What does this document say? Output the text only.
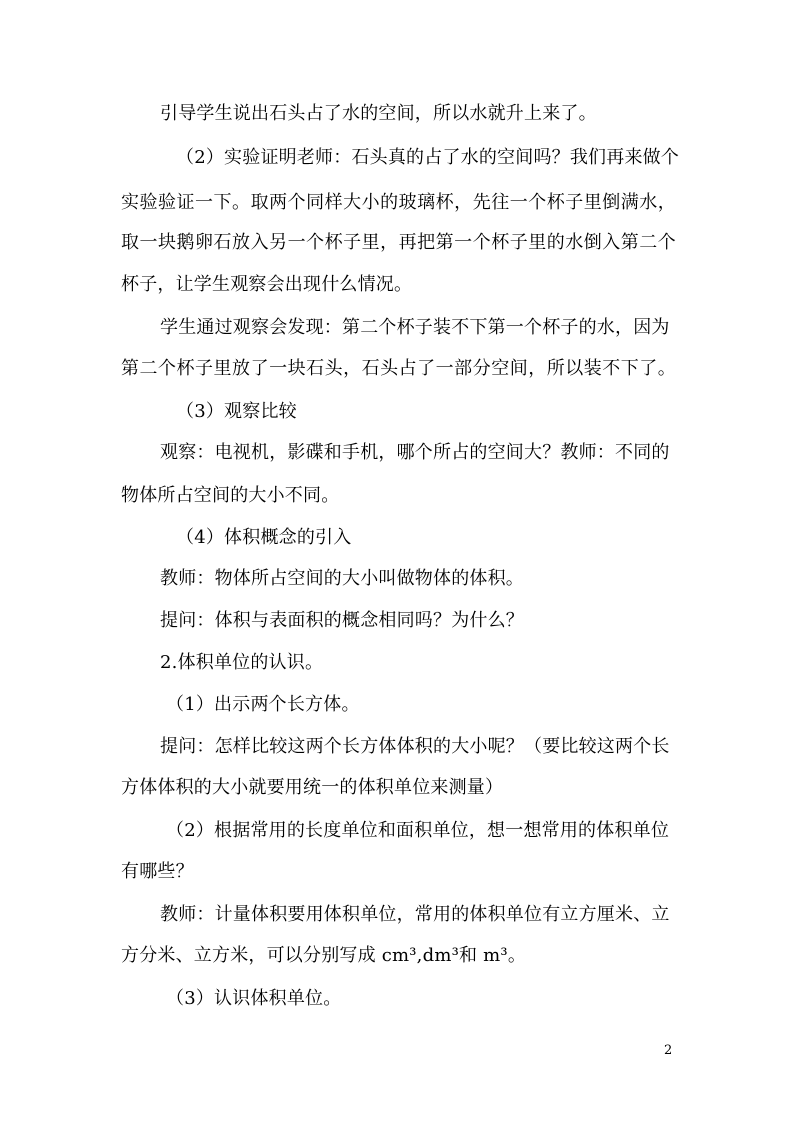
引导学生说出石头占了水的空间，所以水就升上来了。
（2）实验证明老师：石头真的占了水的空间吗？我们再来做个
实验验证一下。取两个同样大小的玻璃杯，先往一个杯子里倒满水，
取一块鹅卵石放入另一个杯子里，再把第一个杯子里的水倒入第二个
杯子，让学生观察会出现什么情况。
学生通过观察会发现：第二个杯子装不下第一个杯子的水，因为
第二个杯子里放了一块石头，石头占了一部分空间，所以装不下了。
（3）观察比较
观察：电视机，影碟和手机，哪个所占的空间大？教师：不同的
物体所占空间的大小不同。
（4）体积概念的引入
教师：物体所占空间的大小叫做物体的体积。
提问：体积与表面积的概念相同吗？为什么？
2.体积单位的认识。
（1）出示两个长方体。
提问：怎样比较这两个长方体体积的大小呢？（要比较这两个长
方体体积的大小就要用统一的体积单位来测量）
（2）根据常用的长度单位和面积单位，想一想常用的体积单位
有哪些？
教师：计量体积要用体积单位，常用的体积单位有立方厘米、立
方分米、立方米，可以分别写成 cm³,dm³和 m³。
（3）认识体积单位。
2
